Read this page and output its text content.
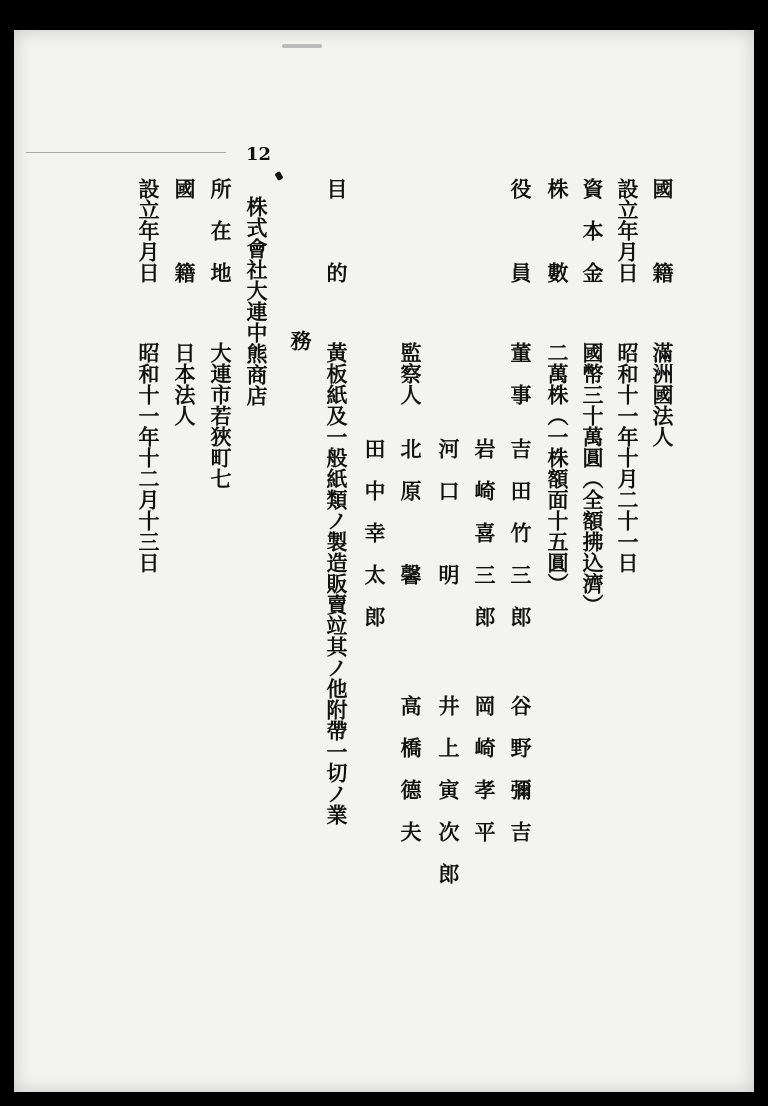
國　　　籍
滿洲國法人
設立年月日
昭和十一年十月二十一日
資　本　金
國幣三十萬圓（全額拂込濟）
株　　　數
二萬株（一株額面十五圓）
役　　　員
董　事
吉　田　竹　三　郎
谷　野　彌　吉
岩　崎　喜　三　郎
岡　崎　孝　平
河　口　　　明
井　上　寅　次　郎
監察人
北　原　　　馨
高　橋　德　夫
田　中　幸　太　郎
目　　　的
黃板紙及一般紙類ノ製造販賣竝其ノ他附帶一切ノ業
務
12
株式會社大連中熊商店
所　在　地
大連市若狹町七
國　　　籍
日本法人
設立年月日
昭和十一年十二月十三日
